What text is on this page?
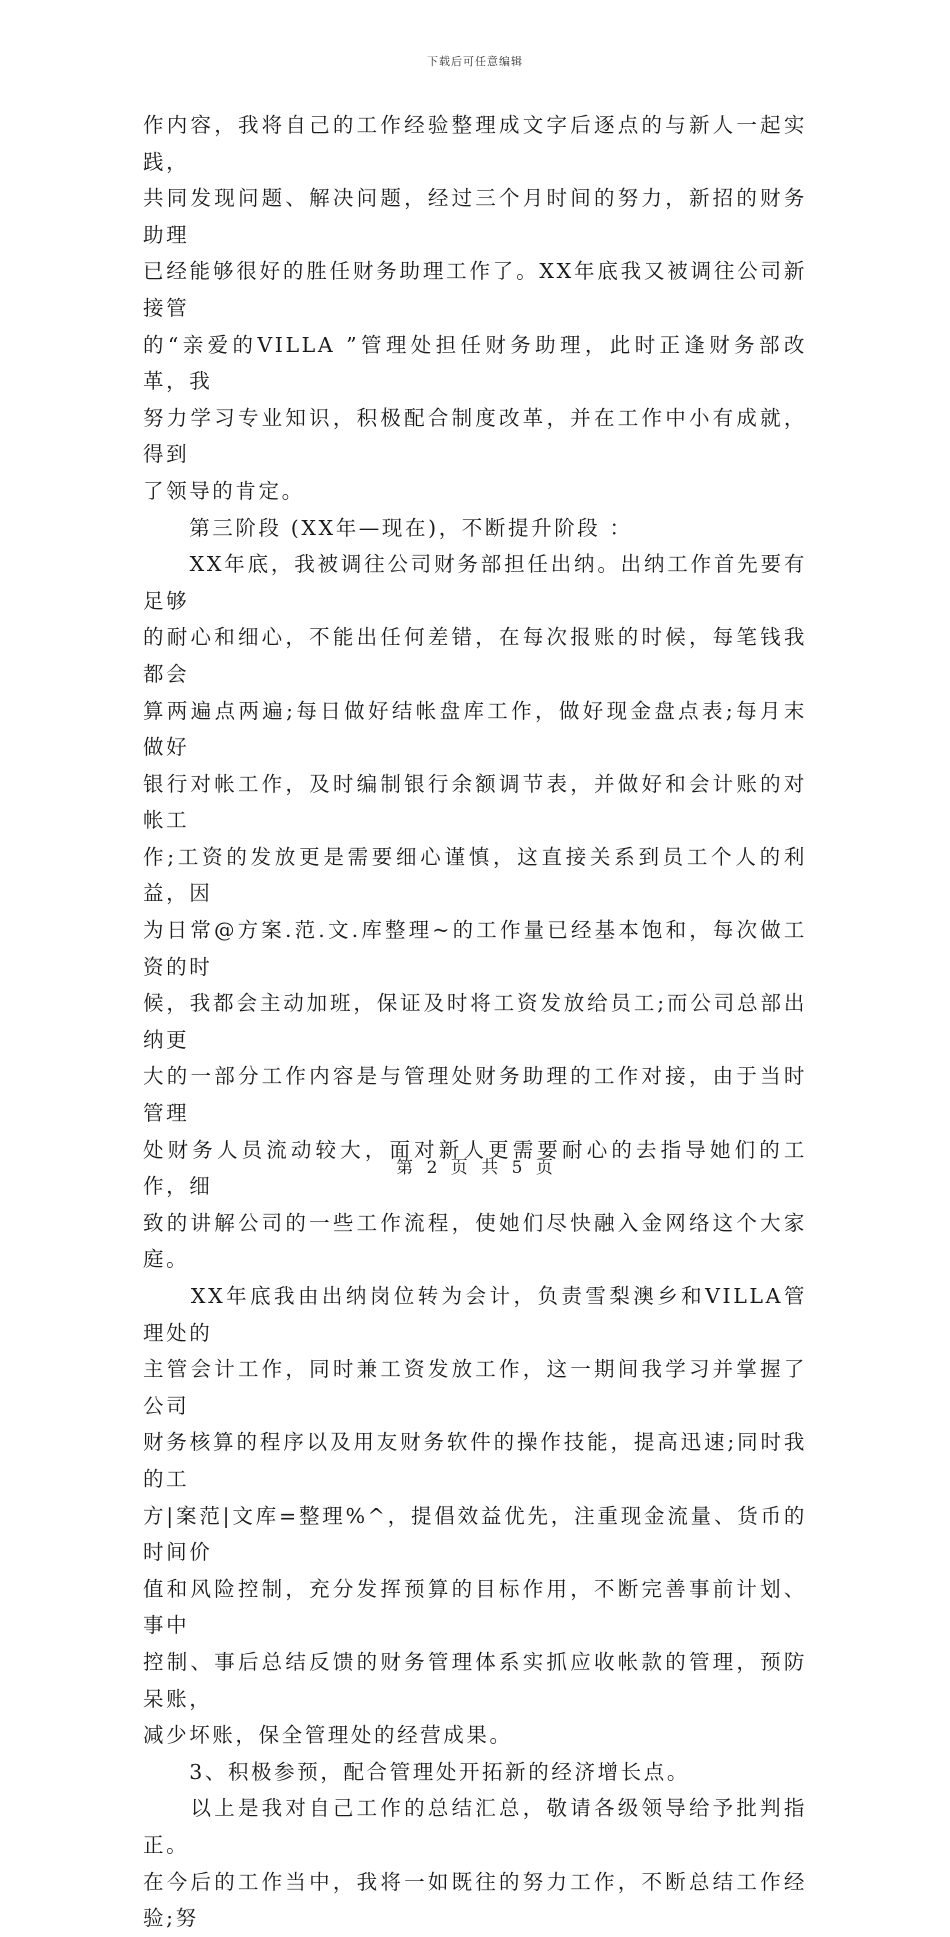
下载后可任意编辑

作内容，我将自己的工作经验整理成文字后逐点的与新人一起实践，
共同发现问题、解决问题，经过三个月时间的努力，新招的财务助理
已经能够很好的胜任财务助理工作了。XX年底我又被调往公司新接管
的“亲爱的VILLA ”管理处担任财务助理，此时正逢财务部改革，我
努力学习专业知识，积极配合制度改革，并在工作中小有成就，得到
了领导的肯定。

　　第三阶段 (XX年—现在)，不断提升阶段 ：

　　XX年底，我被调往公司财务部担任出纳。出纳工作首先要有足够
的耐心和细心，不能出任何差错，在每次报账的时候，每笔钱我都会
算两遍点两遍;每日做好结帐盘库工作，做好现金盘点表;每月末做好
银行对帐工作，及时编制银行余额调节表，并做好和会计账的对帐工
作;工资的发放更是需要细心谨慎，这直接关系到员工个人的利益，因
为日常@方案.范.文.库整理~的工作量已经基本饱和，每次做工资的时
候，我都会主动加班，保证及时将工资发放给员工;而公司总部出纳更
大的一部分工作内容是与管理处财务助理的工作对接，由于当时管理
处财务人员流动较大，面对新人更需要耐心的去指导她们的工作，细
致的讲解公司的一些工作流程，使她们尽快融入金网络这个大家庭。

　　XX年底我由出纳岗位转为会计，负责雪梨澳乡和VILLA管理处的
主管会计工作，同时兼工资发放工作，这一期间我学习并掌握了公司
财务核算的程序以及用友财务软件的操作技能，提高迅速;同时我的工
方|案范|文库=整理%^，提倡效益优先，注重现金流量、货币的时间价
值和风险控制，充分发挥预算的目标作用，不断完善事前计划、事中
控制、事后总结反馈的财务管理体系实抓应收帐款的管理，预防呆账，
减少坏账，保全管理处的经营成果。

　　3、积极参预，配合管理处开拓新的经济增长点。

　　以上是我对自己工作的总结汇总，敬请各级领导给予批判指正。
在今后的工作当中，我将一如既往的努力工作，不断总结工作经验;努

第 2 页 共 5 页
